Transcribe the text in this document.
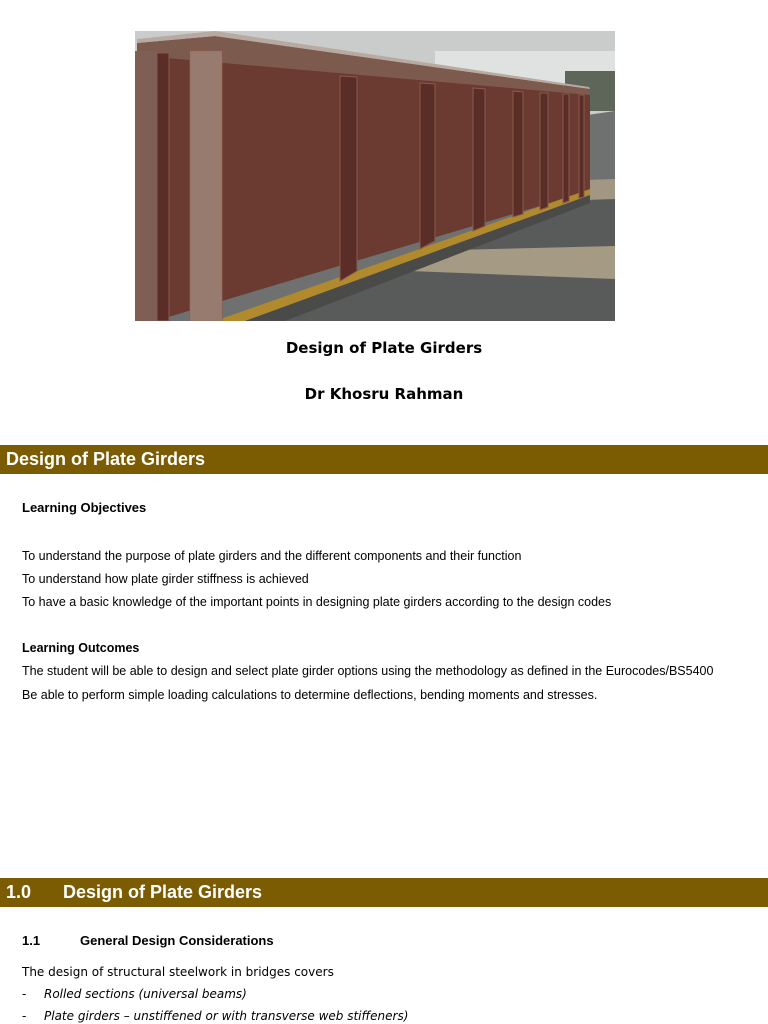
Design of Plate Girders
Dr Khosru Rahman
Design of Plate Girders
Learning Objectives
To understand the purpose of plate girders and the different components and their function
To understand how plate girder stiffness is achieved
To have a basic knowledge of the important points in designing plate girders according to the design codes
Learning Outcomes
The student will be able to design and select plate girder options using the methodology as defined in the Eurocodes/BS5400
Be able to perform simple loading calculations to determine deflections, bending moments and stresses.
1.0 Design of Plate Girders
1.1	General Design Considerations
The design of structural steelwork in bridges covers
- Rolled sections (universal beams)
- Plate girders – unstiffened or with transverse web stiffeners)
